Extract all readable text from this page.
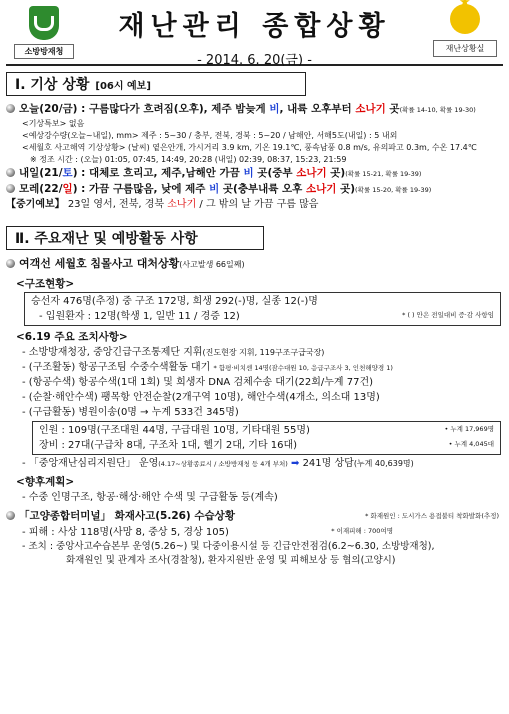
소방방재청
재난관리 종합상황
- 2014. 6. 20(금) -
★
재난상황실
Ⅰ. 기상 상황 [06시 예보]
오늘(20/금) : 구름많다가 흐려짐(오후), 제주 밤늦게 비, 내륙 오후부터 소나기 곳(확률 14-10, 확률 19-30)
<기상특보> 없음
<예상강수량(오늘~내일), mm> 제주 : 5~30 / 충부, 전북, 경북 : 5~20 / 남해안, 서해5도(내일) : 5 내외
<세월호 사고해역 기상상황> (날씨) 옅은안개, 가시거리 3.9 km, 기온 19.1℃, 풍속남풍 0.8 m/s, 유의파고 0.3m, 수온 17.4℃
※ 정조 시간 : (오늘) 01:05, 07:45, 14:49, 20:28 (내일) 02:39, 08:37, 15:23, 21:59
내일(21/토) : 대체로 흐리고, 제주,남해안 가끔 비 곳(중부 소나기 곳)(확률 15-21, 확률 19-39)
모레(22/일) : 가끔 구름많음, 낮에 제주 비 곳(충부내륙 오후 소나기 곳)(확률 15-20, 확률 19-39)
【중기예보】 23일 영서, 전북, 경북 소나기 / 그 밖의 날 가끔 구름 많음
Ⅱ. 주요재난 및 예방활동 사항
여객선 세월호 침몰사고 대처상황(사고발생 66일째)
<구조현황>
승선자 476명(추정) 중 구조 172명, 희생 292(-)명, 실종 12(-)명
- 입원환자 : 12명(학생 1, 일반 11 / 경증 12)	* ( ) 안은 전일대비 증·감 사항임
<6.19 주요 조치사항>
- 소방방재청장, 중앙긴급구조통제단 지휘(진도현장 지휘, 119구조구급국장)
- (구조활동) 항공구조팀 수중수색활동 대기 * 함평·비치센 14명(잠수대원 10, 응급구조사 3, 인천해양경 1)
- (항공수색) 항공수색(1대 1회) 및 희생자 DNA 검체수송 대기(22회/누계 77건)
- (순찰·해안수색) 팽목항 안전순찰(2개구역 10명), 해안수색(4개소, 의소대 13명)
- (구급활동) 병원이송(0명 → 누계 533건 345명)
인원 : 109명(구조대원 44명, 구급대원 10명, 기타대원 55명)	• 누계 17,969명
장비 : 27대(구급차 8대, 구조차 1대, 헬기 2대, 기타 16대)	• 누계 4,045대
- 「중앙재난심리지원단」 운영(4.17~상황종료시 / 소방방재청 등 4개 부처) ➡ 241명 상담(누계 40,639명)
<향후계획>
- 수중 인명구조, 항공·해상·해안 수색 및 구급활동 등(계속)
「고양종합터미널」 화재사고(5.26) 수습상황	* 화재원인 : 도시가스 용접불티 착화발화(추정)
- 피해 : 사상 118명(사망 8, 중상 5, 경상 105)	* 이재피해 : 700여명
- 조치 : 중앙사고수습본부 운영(5.26~) 및 다중이용시설 등 긴급안전점검(6.2~6.30, 소방방재청),
화재원인 및 관계자 조사(경찰청), 환자지원반 운영 및 피해보상 등 협의(고양시)
